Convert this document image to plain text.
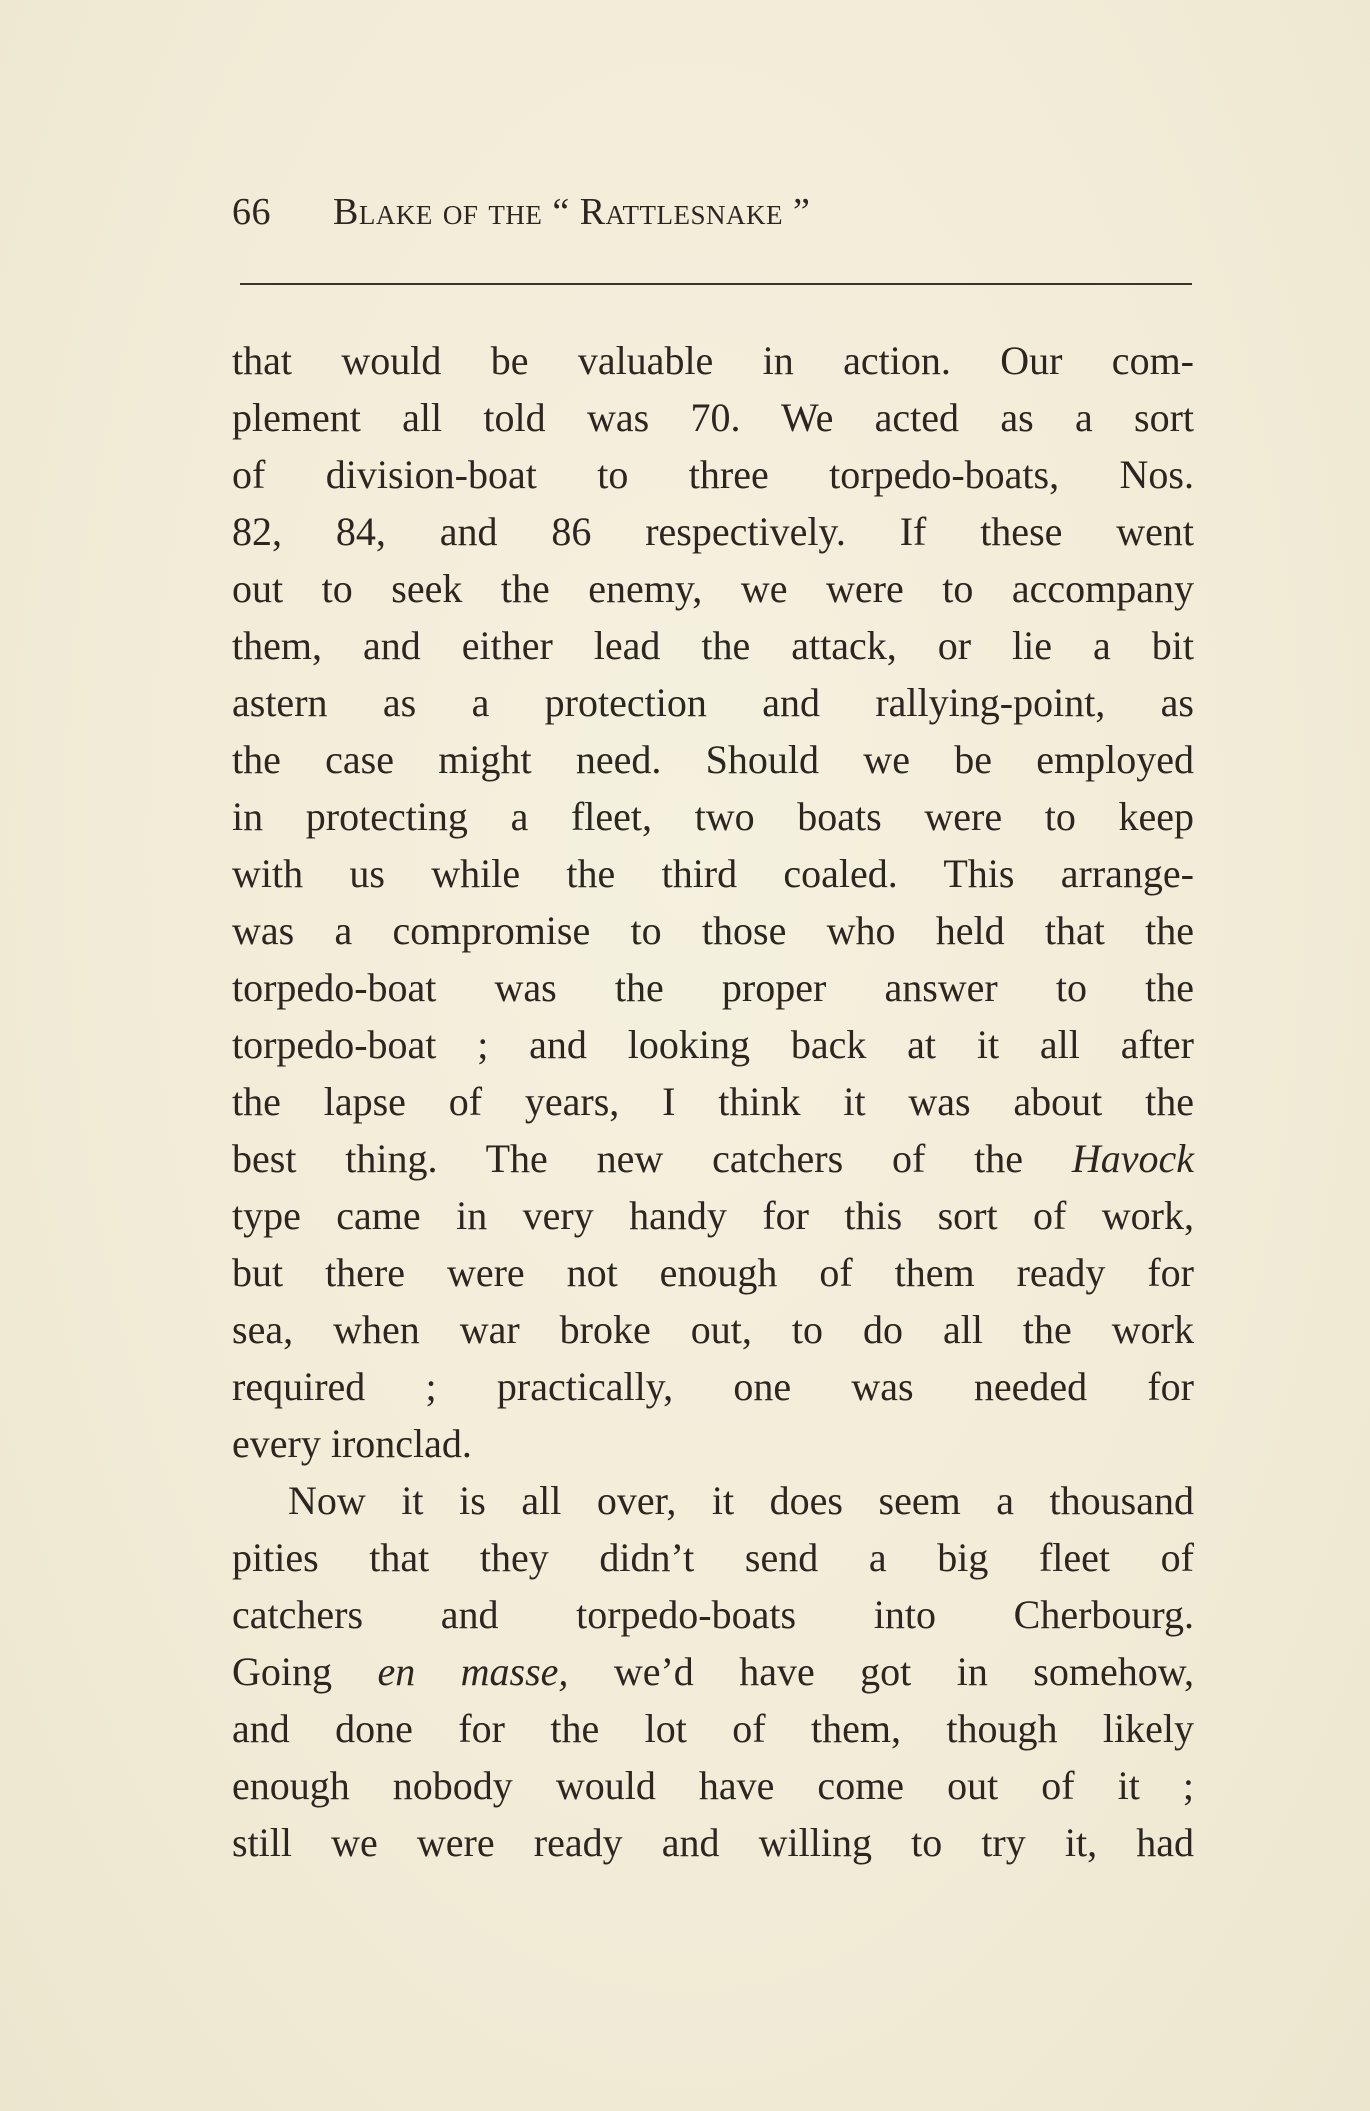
66 Blake of the “ Rattlesnake ”
that would be valuable in action. Our com-
plement all told was 70. We acted as a sort
of division-boat to three torpedo-boats, Nos.
82, 84, and 86 respectively. If these went
out to seek the enemy, we were to accompany
them, and either lead the attack, or lie a bit
astern as a protection and rallying-point, as
the case might need. Should we be employed
in protecting a fleet, two boats were to keep
with us while the third coaled. This arrange-
was a compromise to those who held that the
torpedo-boat was the proper answer to the
torpedo-boat ; and looking back at it all after
the lapse of years, I think it was about the
best thing. The new catchers of the Havock
type came in very handy for this sort of work,
but there were not enough of them ready for
sea, when war broke out, to do all the work
required ; practically, one was needed for
every ironclad.
Now it is all over, it does seem a thousand
pities that they didn’t send a big fleet of
catchers and torpedo-boats into Cherbourg.
Going en masse, we’d have got in somehow,
and done for the lot of them, though likely
enough nobody would have come out of it ;
still we were ready and willing to try it, had
